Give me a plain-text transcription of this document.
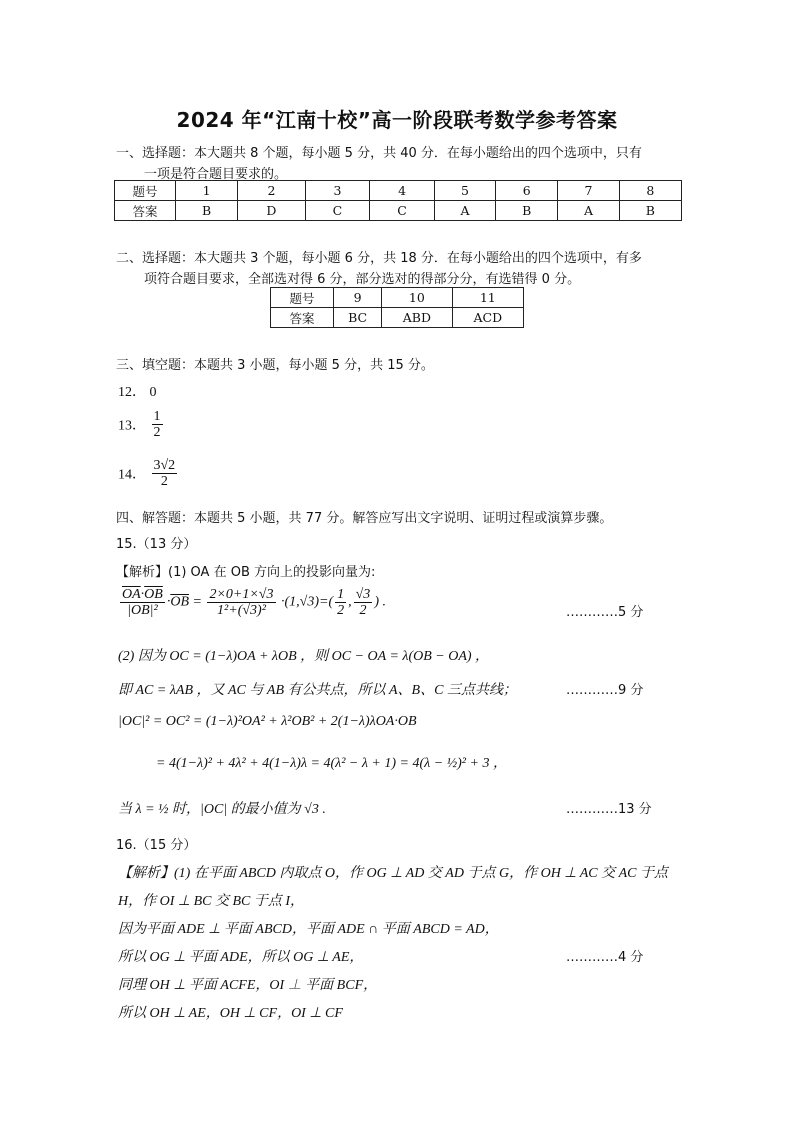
2024 年“江南十校”高一阶段联考数学参考答案
一、选择题：本大题共 8 个题，每小题 5 分，共 40 分．在每小题给出的四个选项中，只有
一项是符合题目要求的。
题号	1	2	3	4	5	6	7	8
答案	B	D	C	C	A	B	A	B
二、选择题：本大题共 3 个题，每小题 6 分，共 18 分．在每小题给出的四个选项中，有多
项符合题目要求，全部选对得 6 分，部分选对的得部分分，有选错得 0 分。
题号	9	10	11
答案	BC	ABD	ACD
三、填空题：本题共 3 小题，每小题 5 分，共 15 分。
12． 0
13． $\frac{1}{2}$
14． $\frac{3√2}{2}$
四、解答题：本题共 5 小题，共 77 分。解答应写出文字说明、证明过程或演算步骤。
15.（13 分）
【解析】(1) OA 在 OB 方向上的投影向量为:
$\frac{\overline{OA}\cdot\overline{OB}}{|\overline{OB}|^2} \cdot\overline{OB} = \frac{2\times 0+1\times√3}{\text{1²+(√3)²}} \cdot(1,√3)=( \frac{1}{2}$ , $\frac{√3}{2}$ ) .
…………5 分
(2) 因为 OC = (1−λ)OA + λOB ，则 OC − OA = λ(OB − OA) ，
即 AC = λAB ，又 AC 与 AB 有公共点，所以 A、B、C 三点共线；	…………9 分
|OC|² = OC² = (1−λ)²OA² + λ²OB² + 2(1−λ)λOA·OB
= 4(1−λ)² + 4λ² + 4(1−λ)λ = 4(λ² − λ + 1) = 4(λ − ½)² + 3 ，
当 λ = ½ 时，|OC| 的最小值为 √3 .	…………13 分
16.（15 分）
【解析】(1) 在平面 ABCD 内取点 O，作 OG ⊥ AD 交 AD 于点 G，作 OH ⊥ AC 交 AC 于点
H，作 OI ⊥ BC 交 BC 于点 I，
因为平面 ADE ⊥ 平面 ABCD，平面 ADE ∩ 平面 ABCD = AD，
所以 OG ⊥ 平面 ADE，所以 OG ⊥ AE，	…………4 分
同理 OH ⊥ 平面 ACFE，OI ⊥ 平面 BCF，
所以 OH ⊥ AE，OH ⊥ CF，OI ⊥ CF
